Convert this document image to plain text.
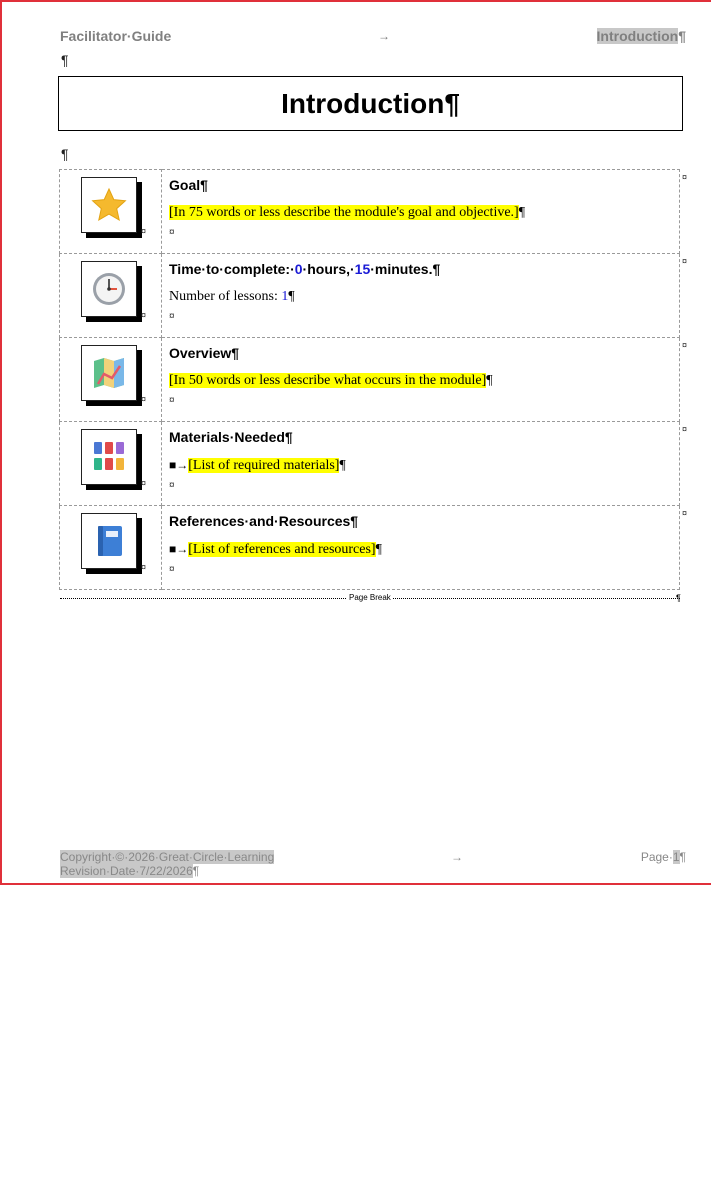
Facilitator·Guide	→	Introduction¶
¶
Introduction¶
¶
¤	Goal¶
[In 75 words or less describe the module's goal and objective.]¶
¤
¤

¤	Time·to·complete:·0·hours,·15·minutes.¶
Number of lessons: 1¶
¤
¤

¤	Overview¶
[In 50 words or less describe what occurs in the module]¶
¤
¤

¤	Materials·Needed¶
■→[List of required materials]¶
¤
¤

¤	References·and·Resources¶
■→[List of references and resources]¶
¤
¤
Page Break	¶
Copyright·©·2026·Great·Circle·Learning
Revision·Date·7/22/2026¶
→	Page·1¶
